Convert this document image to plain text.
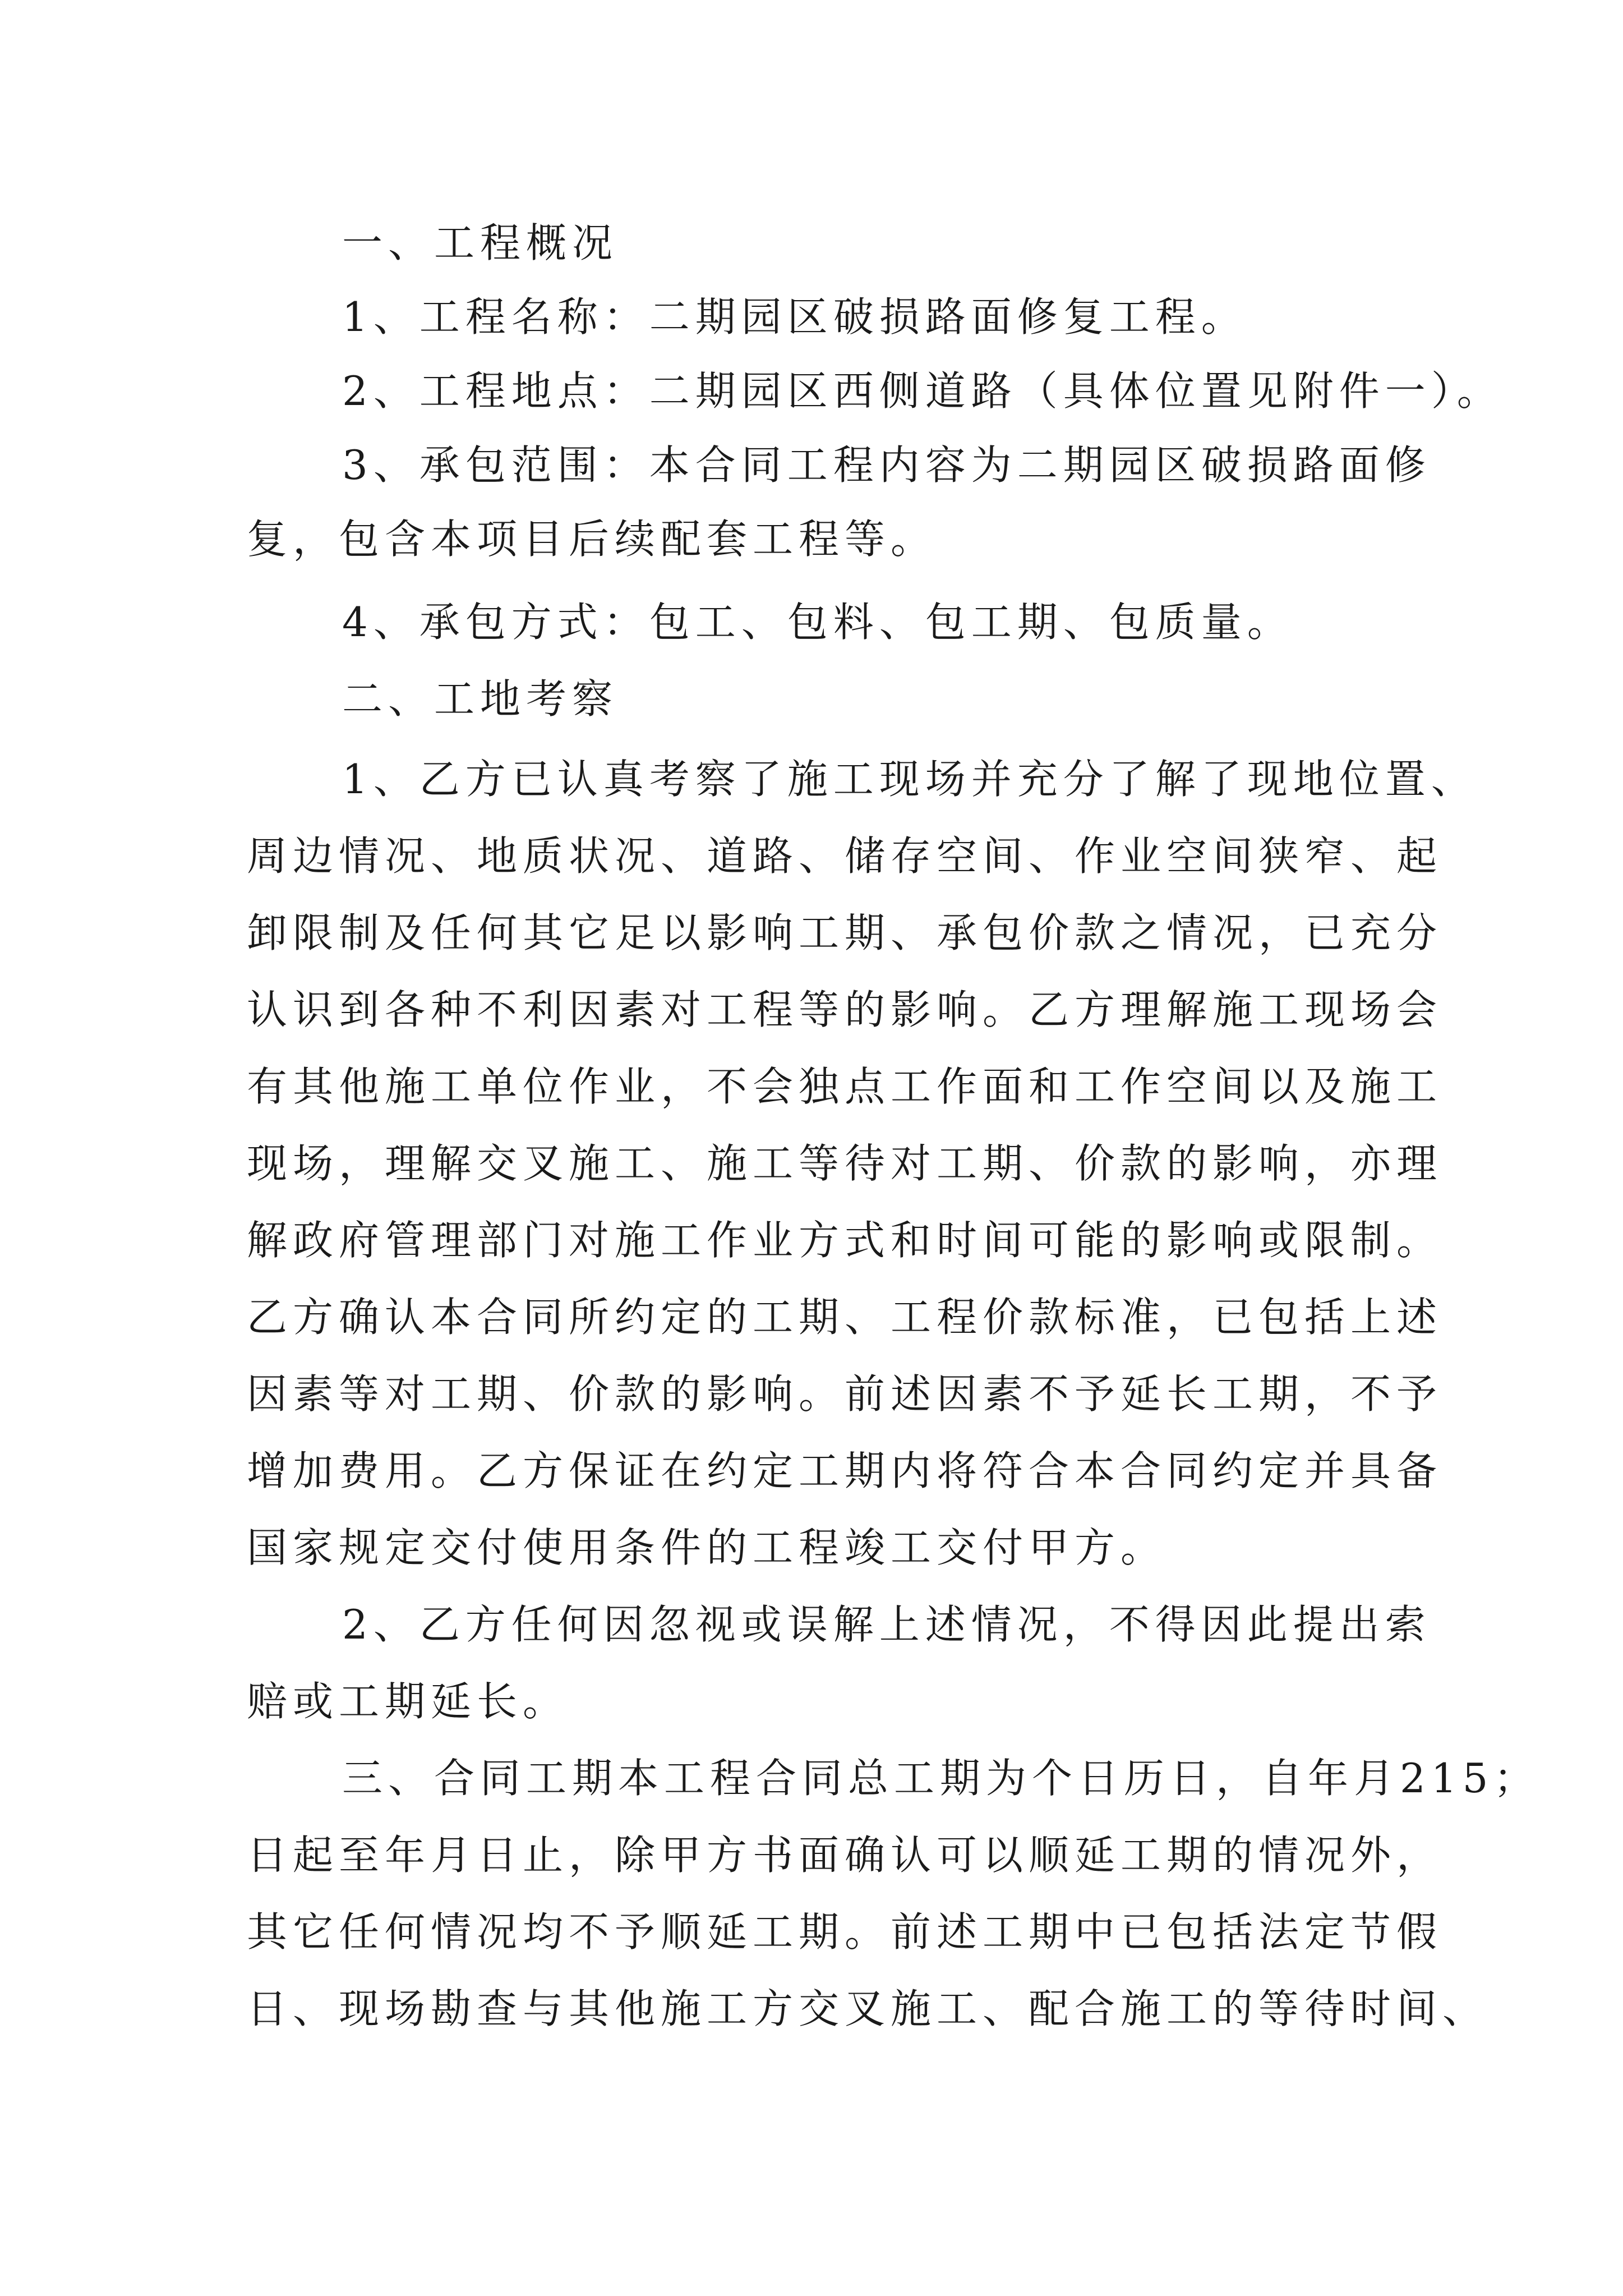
一、工程概况
1、工程名称：二期园区破损路面修复工程。
2、工程地点：二期园区西侧道路（具体位置见附件一）。
3、承包范围：本合同工程内容为二期园区破损路面修
复，包含本项目后续配套工程等。
4、承包方式：包工、包料、包工期、包质量。
二、工地考察
1、乙方已认真考察了施工现场并充分了解了现地位置、
周边情况、地质状况、道路、储存空间、作业空间狭窄、起
卸限制及任何其它足以影响工期、承包价款之情况，已充分
认识到各种不利因素对工程等的影响。乙方理解施工现场会
有其他施工单位作业，不会独点工作面和工作空间以及施工
现场，理解交叉施工、施工等待对工期、价款的影响，亦理
解政府管理部门对施工作业方式和时间可能的影响或限制。
乙方确认本合同所约定的工期、工程价款标准，已包括上述
因素等对工期、价款的影响。前述因素不予延长工期，不予
增加费用。乙方保证在约定工期内将符合本合同约定并具备
国家规定交付使用条件的工程竣工交付甲方。
2、乙方任何因忽视或误解上述情况，不得因此提出索
赔或工期延长。
三、合同工期本工程合同总工期为个日历日，自年月215；
日起至年月日止，除甲方书面确认可以顺延工期的情况外，
其它任何情况均不予顺延工期。前述工期中已包括法定节假
日、现场勘查与其他施工方交叉施工、配合施工的等待时间、
